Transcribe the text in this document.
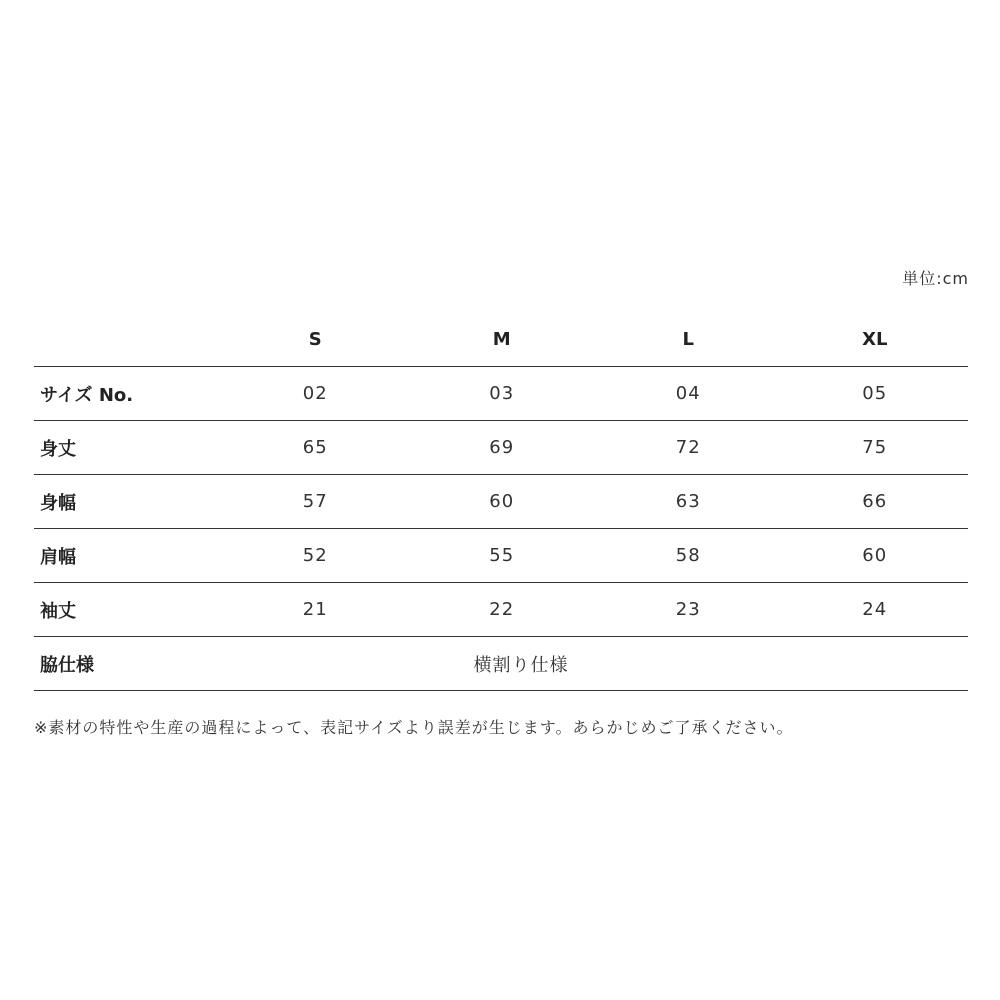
単位:cm
	S	M	L	XL
サイズ No.	02	03	04	05
身丈	65	69	72	75
身幅	57	60	63	66
肩幅	52	55	58	60
袖丈	21	22	23	24
脇仕様	横割り仕様			
※素材の特性や生産の過程によって、表記サイズより誤差が生じます。あらかじめご了承ください。
